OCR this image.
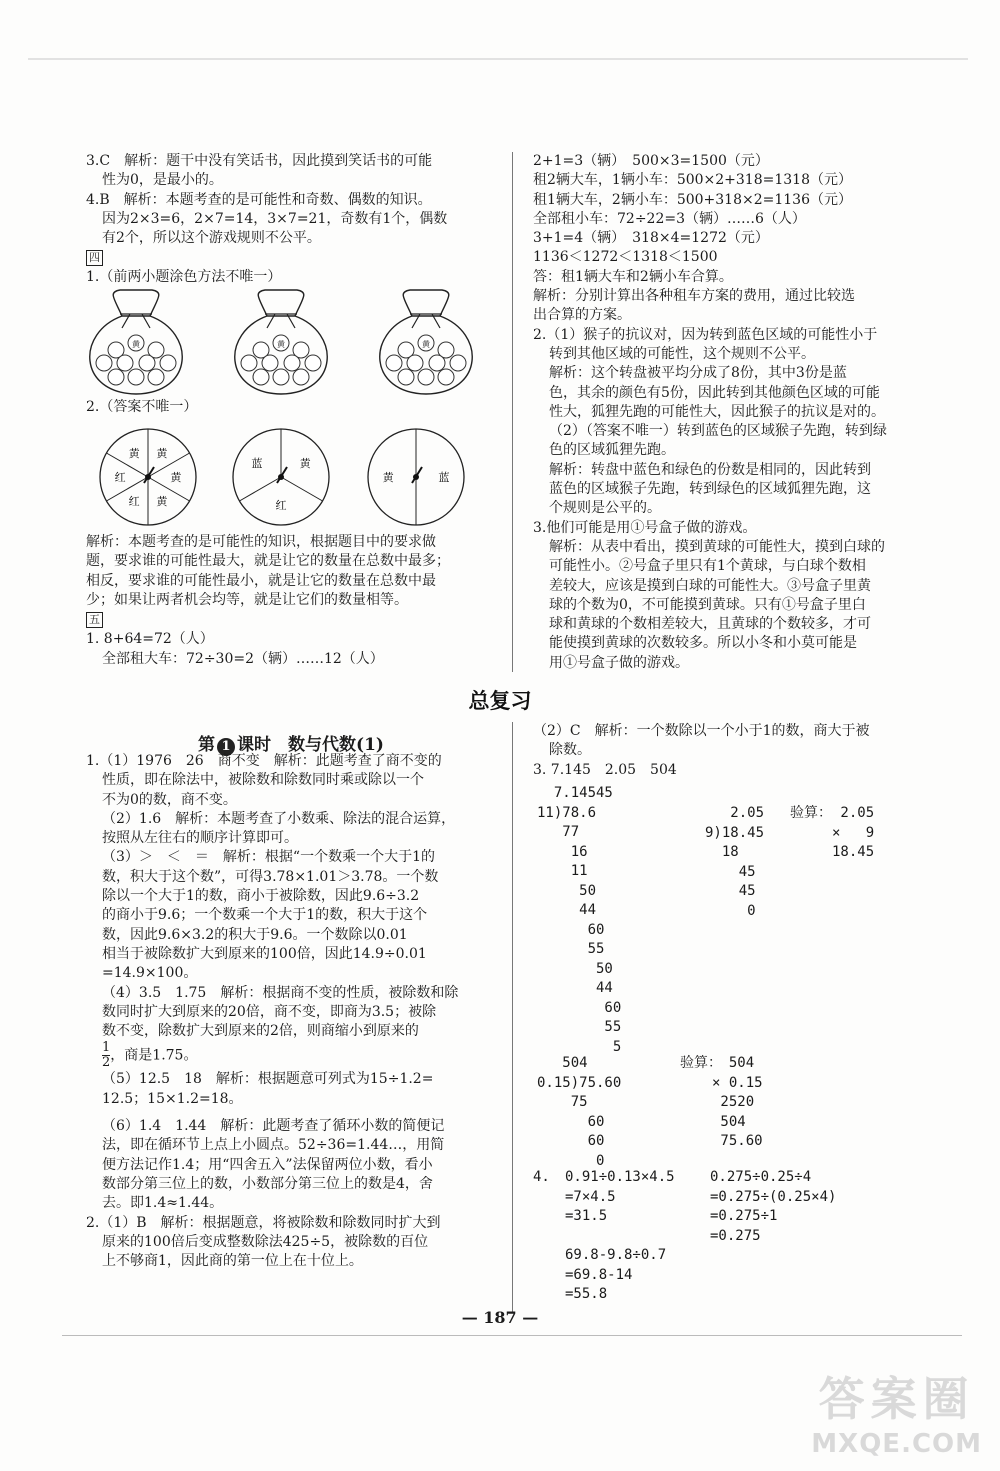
3.C　解析：题干中没有笑话书，因此摸到笑话书的可能
性为0，是最小的。
4.B　解析：本题考查的是可能性和奇数、偶数的知识。
因为2×3=6，2×7=14，3×7=21，奇数有1个，偶数
有2个，所以这个游戏规则不公平。
四
1.（前两小题涂色方法不唯一）
黄	黄	黄
2.（答案不唯一）
黄
黄
黄
红
红
黄
黄
红
蓝
蓝
黄
解析：本题考查的是可能性的知识，根据题目中的要求做
题，要求谁的可能性最大，就是让它的数量在总数中最多；
相反，要求谁的可能性最小，就是让它的数量在总数中最
少；如果让两者机会均等，就是让它们的数量相等。
五
1. 8+64=72（人）
全部租大车：72÷30=2（辆）……12（人）
2+1=3（辆）　500×3=1500（元）
租2辆大车，1辆小车：500×2+318=1318（元）
租1辆大车，2辆小车：500+318×2=1136（元）
全部租小车：72÷22=3（辆）……6（人）
3+1=4（辆）　318×4=1272（元）
1136＜1272＜1318＜1500
答：租1辆大车和2辆小车合算。
解析：分别计算出各种租车方案的费用，通过比较选
出合算的方案。
2.（1）猴子的抗议对，因为转到蓝色区域的可能性小于
转到其他区域的可能性，这个规则不公平。
解析：这个转盘被平均分成了8份，其中3份是蓝
色，其余的颜色有5份，因此转到其他颜色区域的可能
性大，狐狸先跑的可能性大，因此猴子的抗议是对的。
（2）（答案不唯一）转到蓝色的区域猴子先跑，转到绿
色的区域狐狸先跑。
解析：转盘中蓝色和绿色的份数是相同的，因此转到
蓝色的区域猴子先跑，转到绿色的区域狐狸先跑，这
个规则是公平的。
3.他们可能是用①号盒子做的游戏。
解析：从表中看出，摸到黄球的可能性大，摸到白球的
可能性小。②号盒子里只有1个黄球，与白球个数相
差较大，应该是摸到白球的可能性大。③号盒子里黄
球的个数为0，不可能摸到黄球。只有①号盒子里白
球和黄球的个数相差较大，且黄球的个数较多，才可
能使摸到黄球的次数较多。所以小冬和小莫可能是
用①号盒子做的游戏。
总复习
第 1 课时　数与代数(1)
1.（1）1976　26　商不变　解析：此题考查了商不变的
性质，即在除法中，被除数和除数同时乘或除以一个
不为0的数，商不变。
（2）1.6　解析：本题考查了小数乘、除法的混合运算，
按照从左往右的顺序计算即可。
（3）＞　＜　＝　解析：根据“一个数乘一个大于1的
数，积大于这个数”，可得3.78×1.01＞3.78。一个数
除以一个大于1的数，商小于被除数，因此9.6÷3.2
的商小于9.6；一个数乘一个大于1的数，积大于这个
数，因此9.6×3.2的积大于9.6。一个数除以0.01
相当于被除数扩大到原来的100倍，因此14.9÷0.01
=14.9×100。
（4）3.5　1.75　解析：根据商不变的性质，被除数和除
数同时扩大到原来的20倍，商不变，即商为3.5；被除
数不变，除数扩大到原来的2倍，则商缩小到原来的
$\frac{1}{2}$ ，商是1.75。
（5）12.5　18　解析：根据题意可列式为15÷1.2=
12.5；15×1.2=18。
（6）1.4̇　1.44　解析：此题考查了循环小数的简便记
法，即在循环节上点上小圆点。52÷36=1.44…，用简
便方法记作1.4̇；用“四舍五入”法保留两位小数，看小
数部分第三位上的数，小数部分第三位上的数是4，舍
去。即1.4̇≈1.44。
2.（1）B　解析：根据题意，将被除数和除数同时扩大到
原来的100倍后变成整数除法425÷5，被除数的百位
上不够商1，因此商的第一位上在十位上。
（2）C　解析：一个数除以一个小于1的数，商大于被
除数。
3. 7.145　2.05　504
7.14545
11)78.6
77
16
11
50
44
60
55
50
44
60
55
5
2.05
9)18.45
18
45
45
0
验算： 2.05
×   9
18.45
504
0.15)75.60
75
60
60
0
验算： 504
× 0.15
2520
504
75.60
4. 0.91÷0.13×4.5
=7×4.5
=31.5
0.275÷0.25÷4
=0.275÷(0.25×4)
=0.275÷1
=0.275
69.8-9.8÷0.7
=69.8-14
=55.8
— 187 —
答案圈
MXQE.COM
